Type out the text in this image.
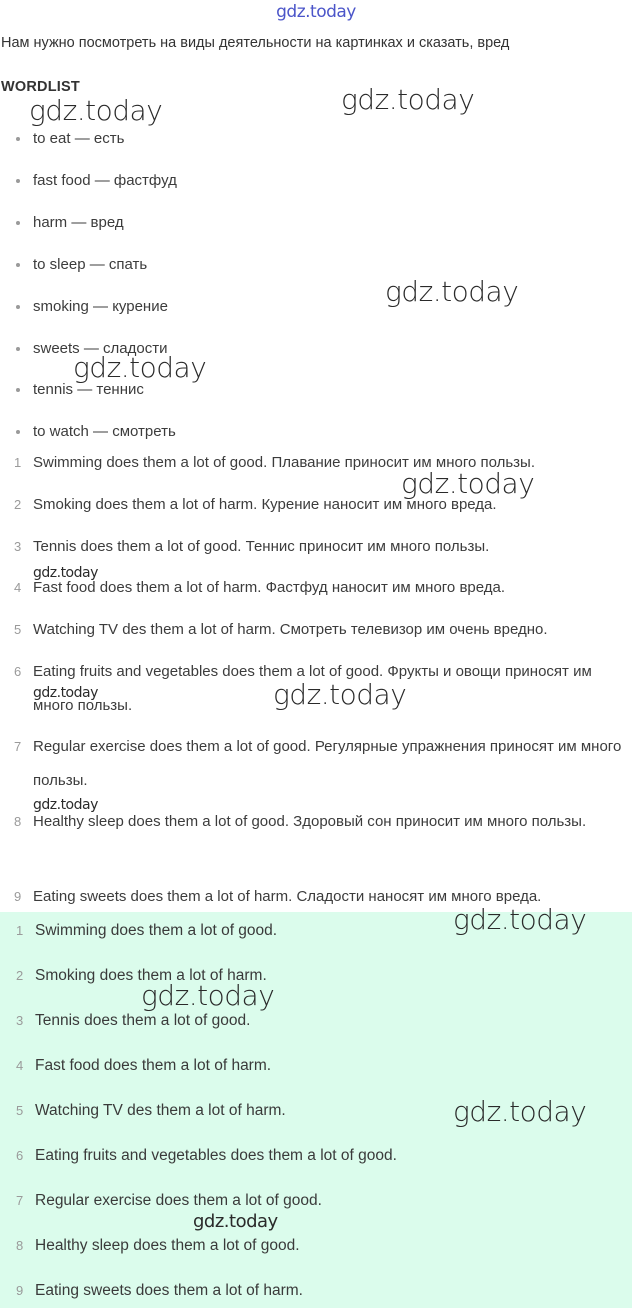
gdz.today
Нам нужно посмотреть на виды деятельности на картинках и сказать, вред
WORDLIST
to eat — есть
fast food — фастфуд
harm — вред
to sleep — спать
smoking — курение
sweets — сладости
tennis — теннис
to watch — смотреть
1 Swimming does them a lot of good. Плавание приносит им много пользы.
2 Smoking does them a lot of harm. Курение наносит им много вреда.
3 Tennis does them a lot of good. Теннис приносит им много пользы.
4 Fast food does them a lot of harm. Фастфуд наносит им много вреда.
5 Watching TV des them a lot of harm. Смотреть телевизор им очень вредно.
6 Eating fruits and vegetables does them a lot of good. Фрукты и овощи приносят им много пользы.
7 Regular exercise does them a lot of good. Регулярные упражнения приносят им много пользы.
8 Healthy sleep does them a lot of good. Здоровый сон приносит им много пользы.
9 Eating sweets does them a lot of harm. Сладости наносят им много вреда.
1 Swimming does them a lot of good.
2 Smoking does them a lot of harm.
3 Tennis does them a lot of good.
4 Fast food does them a lot of harm.
5 Watching TV des them a lot of harm.
6 Eating fruits and vegetables does them a lot of good.
7 Regular exercise does them a lot of good.
8 Healthy sleep does them a lot of good.
9 Eating sweets does them a lot of harm.
gdz.today	gdz.today
gdz.today
gdz.today
gdz.today
gdz.today
gdz.today	gdz.today
gdz.today
gdz.today
gdz.today
gdz.today
gdz.today
